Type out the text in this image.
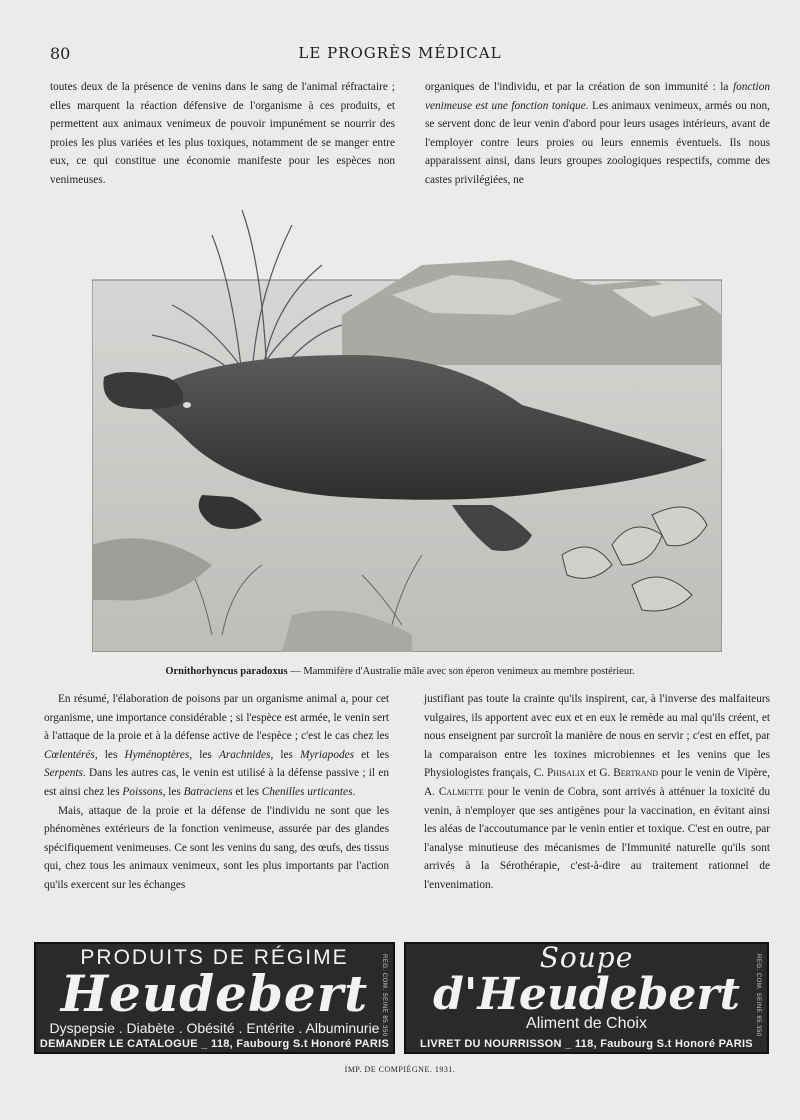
80	LE PROGRÈS MÉDICAL

toutes deux de la présence de venins dans le sang de l'animal réfractaire ; elles marquent la réaction défensive de l'organisme à ces produits, et permettent aux animaux venimeux de pouvoir impunément se nourrir des proies les plus variées et les plus toxiques, notamment de se manger entre eux, ce qui constitue une économie manifeste pour les espèces non venimeuses.

organiques de l'individu, et par la création de son immunité : la fonction venimeuse est une fonction tonique. Les animaux venimeux, armés ou non, se servent donc de leur venin d'abord pour leurs usages intérieurs, avant de l'employer contre leurs proies ou leurs ennemis éventuels. Ils nous apparaissent ainsi, dans leurs groupes zoologiques respectifs, comme des castes privilégiées, ne

Ornithorhyncus paradoxus — Mammifère d'Australie mâle avec son éperon venimeux au membre postérieur.

En résumé, l'élaboration de poisons par un organisme animal a, pour cet organisme, une importance considérable ; si l'espèce est armée, le venin sert à l'attaque de la proie et à la défense active de l'espèce ; c'est le cas chez les Cœlentérés, les Hyménoptères, les Arachnides, les Myriapodes et les Serpents. Dans les autres cas, le venin est utilisé à la défense passive ; il en est ainsi chez les Poissons, les Batraciens et les Chenilles urticantes.

Mais, attaque de la proie et la défense de l'individu ne sont que les phénomènes extérieurs de la fonction venimeuse, assurée par des glandes spécifiquement venimeuses. Ce sont les venins du sang, des œufs, des tissus qui, chez tous les animaux venimeux, sont les plus importants par l'action qu'ils exercent sur les échanges

justifiant pas toute la crainte qu'ils inspirent, car, à l'inverse des malfaiteurs vulgaires, ils apportent avec eux et en eux le remède au mal qu'ils créent, et nous enseignent par surcroît la manière de nous en servir ; c'est en effet, par la comparaison entre les toxines microbiennes et les venins que les Physiologistes français, C. Phisalix et G. Bertrand pour le venin de Vipère, A. Calmette pour le venin de Cobra, sont arrivés à atténuer la toxicité du venin, à n'employer que ses antigènes pour la vaccination, en évitant ainsi les aléas de l'accoutumance par le venin entier et toxique. C'est en outre, par l'analyse minutieuse des mécanismes de l'Immunité naturelle qu'ils sont arrivés à la Sérothérapie, c'est-à-dire au traitement rationnel de l'envenimation.

PRODUITS DE RÉGIME
Heudebert
Dyspepsie . Diabète . Obésité . Entérite . Albuminurie
DEMANDER LE CATALOGUE _ 118, Faubourg S.t Honoré PARIS
REG. COM. SEINE 85.350	Soupe
d'Heudebert
Aliment de Choix
LIVRET DU NOURRISSON _ 118, Faubourg S.t Honoré PARIS
REG. COM. SEINE 85.350
IMP. DE COMPIÈGNE. 1931.
